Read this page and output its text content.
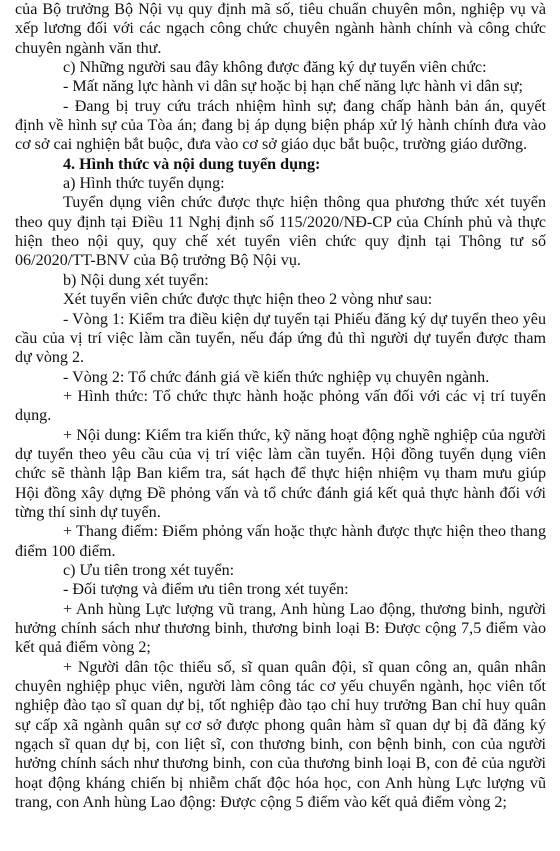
của Bộ trưởng Bộ Nội vụ quy định mã số, tiêu chuẩn chuyên môn, nghiệp vụ và xếp lương đối với các ngạch công chức chuyên ngành hành chính và công chức chuyên ngành văn thư.

c) Những người sau đây không được đăng ký dự tuyển viên chức:

- Mất năng lực hành vi dân sự hoặc bị hạn chế năng lực hành vi dân sự;

- Đang bị truy cứu trách nhiệm hình sự; đang chấp hành bản án, quyết định về hình sự của Tòa án; đang bị áp dụng biện pháp xử lý hành chính đưa vào cơ sở cai nghiện bắt buộc, đưa vào cơ sở giáo dục bắt buộc, trường giáo dưỡng.

4. Hình thức và nội dung tuyển dụng:

a) Hình thức tuyển dụng:

Tuyển dụng viên chức được thực hiện thông qua phương thức xét tuyển theo quy định tại Điều 11 Nghị định số 115/2020/NĐ-CP của Chính phủ và thực hiện theo nội quy, quy chế xét tuyển viên chức quy định tại Thông tư số 06/2020/TT-BNV của Bộ trưởng Bộ Nội vụ.

b) Nội dung xét tuyển:

Xét tuyển viên chức được thực hiện theo 2 vòng như sau:

- Vòng 1: Kiểm tra điều kiện dự tuyển tại Phiếu đăng ký dự tuyển theo yêu cầu của vị trí việc làm cần tuyển, nếu đáp ứng đủ thì người dự tuyển được tham dự vòng 2.

- Vòng 2: Tổ chức đánh giá về kiến thức nghiệp vụ chuyên ngành.

+ Hình thức: Tổ chức thực hành hoặc phỏng vấn đối với các vị trí tuyển dụng.

+ Nội dung: Kiểm tra kiến thức, kỹ năng hoạt động nghề nghiệp của người dự tuyển theo yêu cầu của vị trí việc làm cần tuyển. Hội đồng tuyển dụng viên chức sẽ thành lập Ban kiểm tra, sát hạch để thực hiện nhiệm vụ tham mưu giúp Hội đồng xây dựng Đề phỏng vấn và tổ chức đánh giá kết quả thực hành đối với từng thí sinh dự tuyển.

+ Thang điểm: Điểm phỏng vấn hoặc thực hành được thực hiện theo thang điểm 100 điểm.

c) Ưu tiên trong xét tuyển:

- Đối tượng và điểm ưu tiên trong xét tuyển:

+ Anh hùng Lực lượng vũ trang, Anh hùng Lao động, thương binh, người hưởng chính sách như thương binh, thương binh loại B: Được cộng 7,5 điểm vào kết quả điểm vòng 2;

+ Người dân tộc thiểu số, sĩ quan quân đội, sĩ quan công an, quân nhân chuyên nghiệp phục viên, người làm công tác cơ yếu chuyển ngành, học viên tốt nghiệp đào tạo sĩ quan dự bị, tốt nghiệp đào tạo chỉ huy trưởng Ban chỉ huy quân sự cấp xã ngành quân sự cơ sở được phong quân hàm sĩ quan dự bị đã đăng ký ngạch sĩ quan dự bị, con liệt sĩ, con thương binh, con bệnh binh, con của người hưởng chính sách như thương binh, con của thương binh loại B, con đẻ của người hoạt động kháng chiến bị nhiễm chất độc hóa học, con Anh hùng Lực lượng vũ trang, con Anh hùng Lao động: Được cộng 5 điểm vào kết quả điểm vòng 2;
